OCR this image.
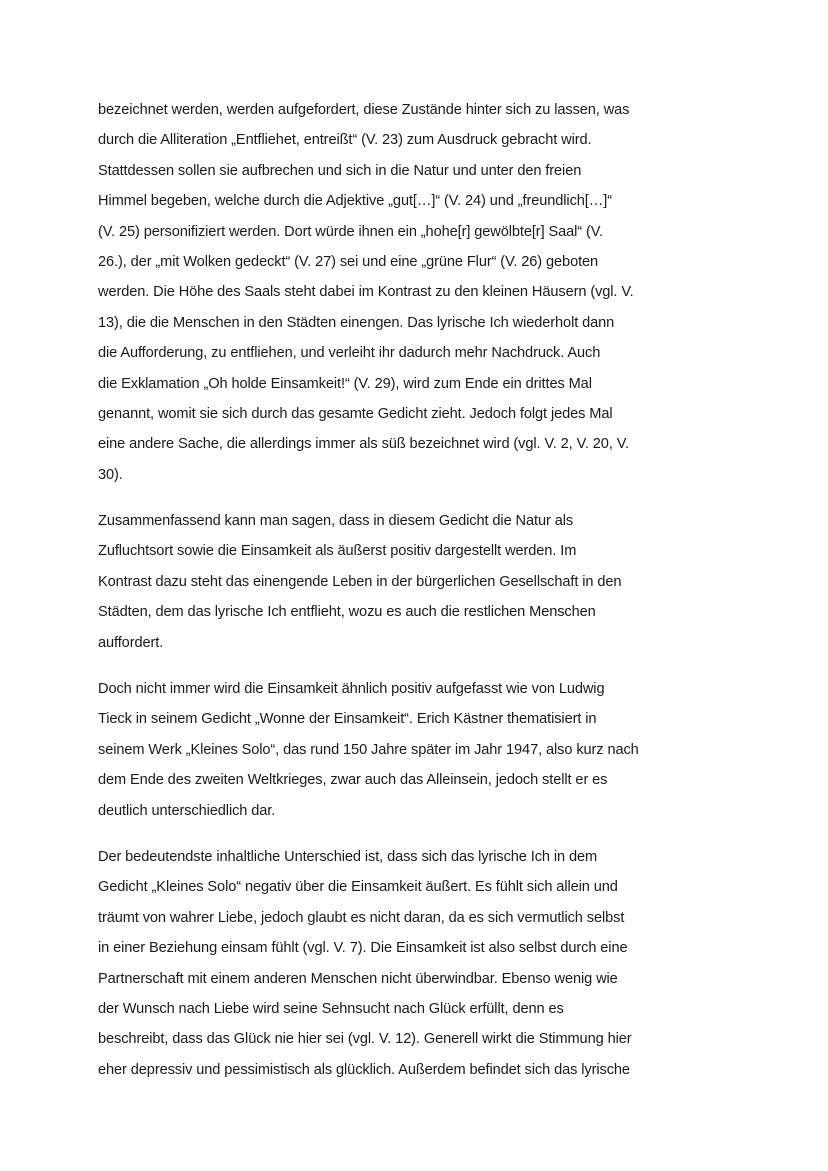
bezeichnet werden, werden aufgefordert, diese Zustände hinter sich zu lassen, was
durch die Alliteration „Entfliehet, entreißt“ (V. 23) zum Ausdruck gebracht wird.
Stattdessen sollen sie aufbrechen und sich in die Natur und unter den freien
Himmel begeben, welche durch die Adjektive „gut[…]“ (V. 24) und „freundlich[…]“
(V. 25) personifiziert werden. Dort würde ihnen ein „hohe[r] gewölbte[r] Saal“ (V.
26.), der „mit Wolken gedeckt“ (V. 27) sei und eine „grüne Flur“ (V. 26) geboten
werden. Die Höhe des Saals steht dabei im Kontrast zu den kleinen Häusern (vgl. V.
13), die die Menschen in den Städten einengen. Das lyrische Ich wiederholt dann
die Aufforderung, zu entfliehen, und verleiht ihr dadurch mehr Nachdruck. Auch
die Exklamation „Oh holde Einsamkeit!“ (V. 29), wird zum Ende ein drittes Mal
genannt, womit sie sich durch das gesamte Gedicht zieht. Jedoch folgt jedes Mal
eine andere Sache, die allerdings immer als süß bezeichnet wird (vgl. V. 2, V. 20, V.
30).

Zusammenfassend kann man sagen, dass in diesem Gedicht die Natur als
Zufluchtsort sowie die Einsamkeit als äußerst positiv dargestellt werden. Im
Kontrast dazu steht das einengende Leben in der bürgerlichen Gesellschaft in den
Städten, dem das lyrische Ich entflieht, wozu es auch die restlichen Menschen
auffordert.

Doch nicht immer wird die Einsamkeit ähnlich positiv aufgefasst wie von Ludwig
Tieck in seinem Gedicht „Wonne der Einsamkeit“. Erich Kästner thematisiert in
seinem Werk „Kleines Solo“, das rund 150 Jahre später im Jahr 1947, also kurz nach
dem Ende des zweiten Weltkrieges, zwar auch das Alleinsein, jedoch stellt er es
deutlich unterschiedlich dar.

Der bedeutendste inhaltliche Unterschied ist, dass sich das lyrische Ich in dem
Gedicht „Kleines Solo“ negativ über die Einsamkeit äußert. Es fühlt sich allein und
träumt von wahrer Liebe, jedoch glaubt es nicht daran, da es sich vermutlich selbst
in einer Beziehung einsam fühlt (vgl. V. 7). Die Einsamkeit ist also selbst durch eine
Partnerschaft mit einem anderen Menschen nicht überwindbar. Ebenso wenig wie
der Wunsch nach Liebe wird seine Sehnsucht nach Glück erfüllt, denn es
beschreibt, dass das Glück nie hier sei (vgl. V. 12). Generell wirkt die Stimmung hier
eher depressiv und pessimistisch als glücklich. Außerdem befindet sich das lyrische
